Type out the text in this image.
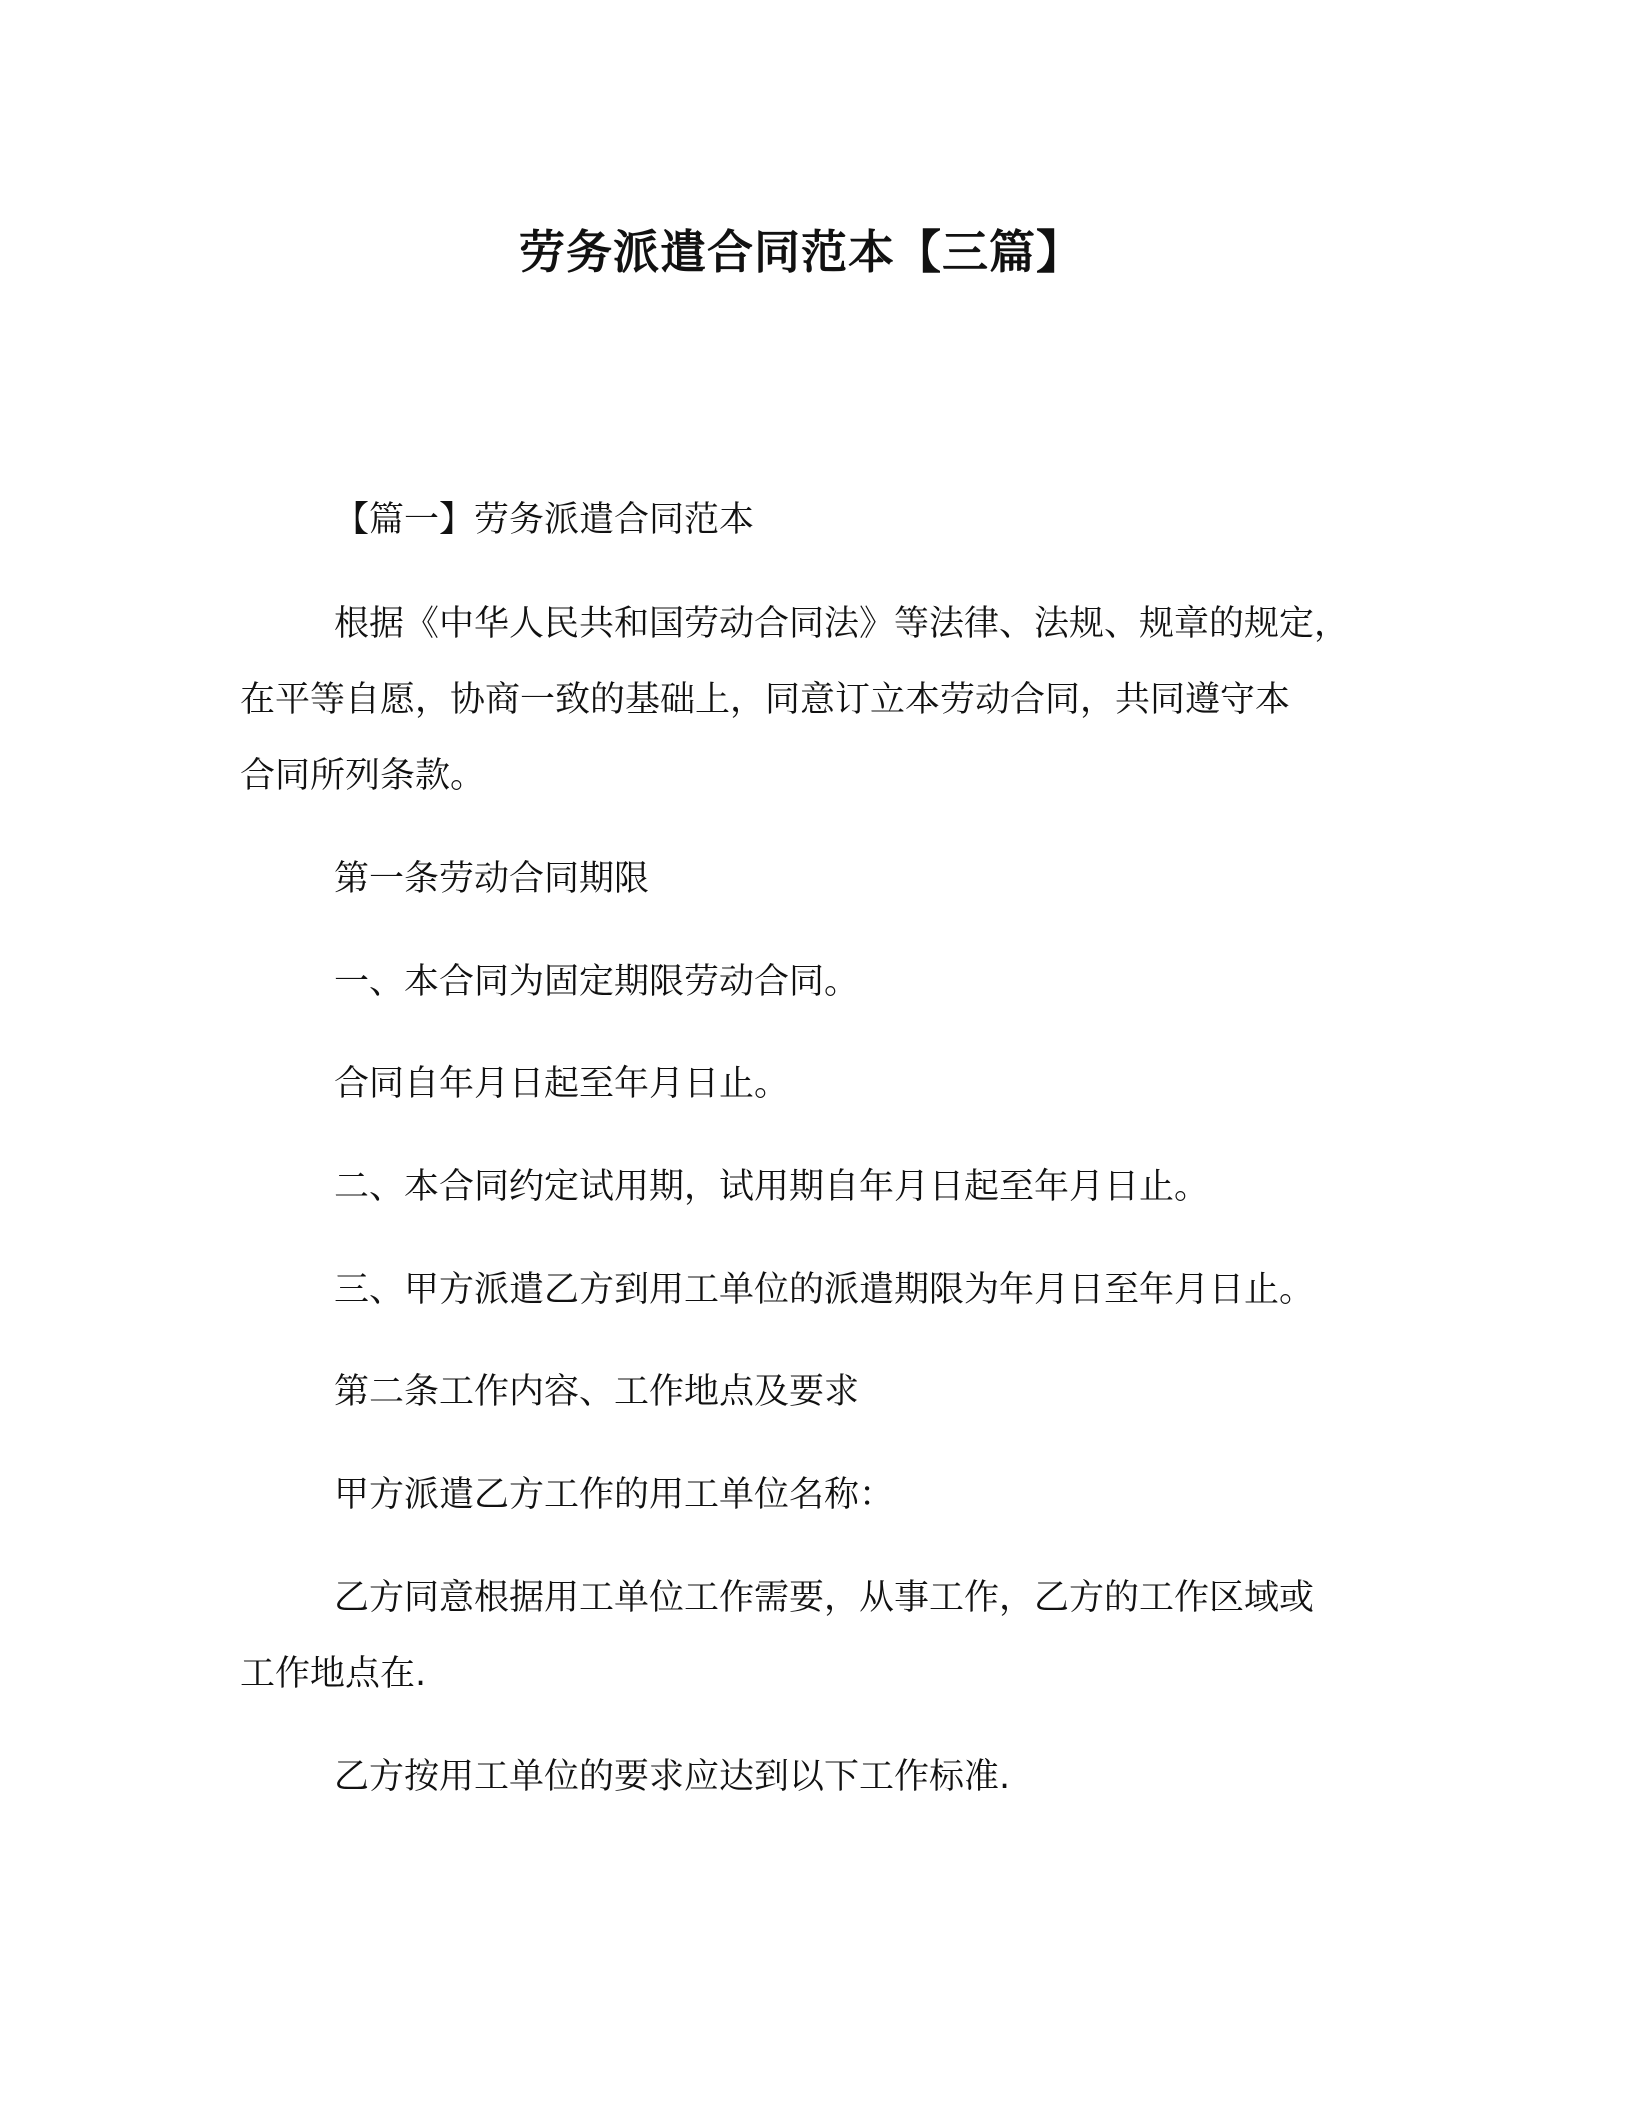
劳务派遣合同范本【三篇】
【篇一】劳务派遣合同范本
根据《中华人民共和国劳动合同法》等法律、法规、规章的规定，
在平等自愿，协商一致的基础上，同意订立本劳动合同，共同遵守本
合同所列条款。
第一条劳动合同期限
一、本合同为固定期限劳动合同。
合同自年月日起至年月日止。
二、本合同约定试用期，试用期自年月日起至年月日止。
三、甲方派遣乙方到用工单位的派遣期限为年月日至年月日止。
第二条工作内容、工作地点及要求
甲方派遣乙方工作的用工单位名称：
乙方同意根据用工单位工作需要，从事工作，乙方的工作区域或
工作地点在.
乙方按用工单位的要求应达到以下工作标准.
